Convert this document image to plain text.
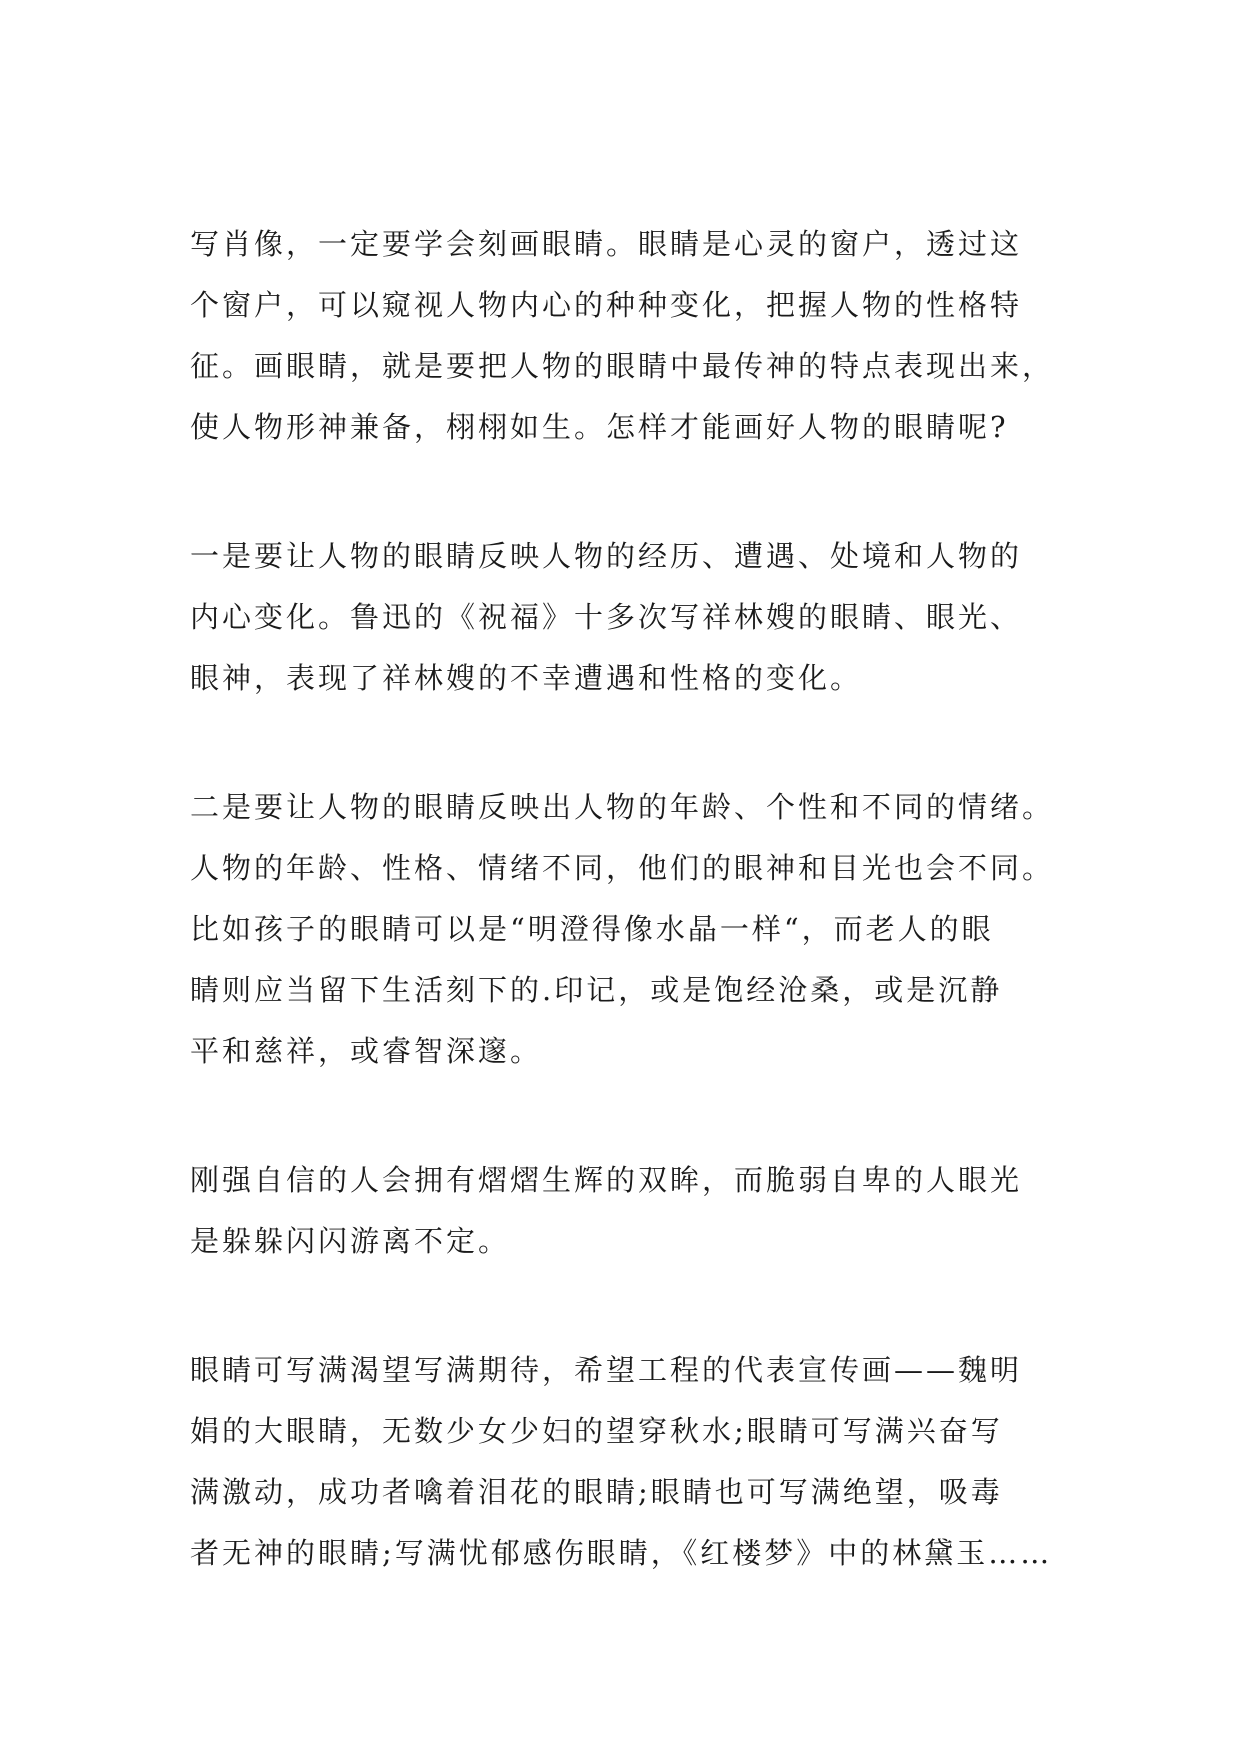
写肖像，一定要学会刻画眼睛。眼睛是心灵的窗户，透过这
个窗户，可以窥视人物内心的种种变化，把握人物的性格特
征。画眼睛，就是要把人物的眼睛中最传神的特点表现出来，
使人物形神兼备，栩栩如生。怎样才能画好人物的眼睛呢?
一是要让人物的眼睛反映人物的经历、遭遇、处境和人物的
内心变化。鲁迅的《祝福》十多次写祥林嫂的眼睛、眼光、
眼神，表现了祥林嫂的不幸遭遇和性格的变化。
二是要让人物的眼睛反映出人物的年龄、个性和不同的情绪。
人物的年龄、性格、情绪不同，他们的眼神和目光也会不同。
比如孩子的眼睛可以是“明澄得像水晶一样“，而老人的眼
睛则应当留下生活刻下的.印记，或是饱经沧桑，或是沉静
平和慈祥，或睿智深邃。
刚强自信的人会拥有熠熠生辉的双眸，而脆弱自卑的人眼光
是躲躲闪闪游离不定。
眼睛可写满渴望写满期待，希望工程的代表宣传画——魏明
娟的大眼睛，无数少女少妇的望穿秋水;眼睛可写满兴奋写
满激动，成功者噙着泪花的眼睛;眼睛也可写满绝望，吸毒
者无神的眼睛;写满忧郁感伤眼睛，《红楼梦》中的林黛玉……
